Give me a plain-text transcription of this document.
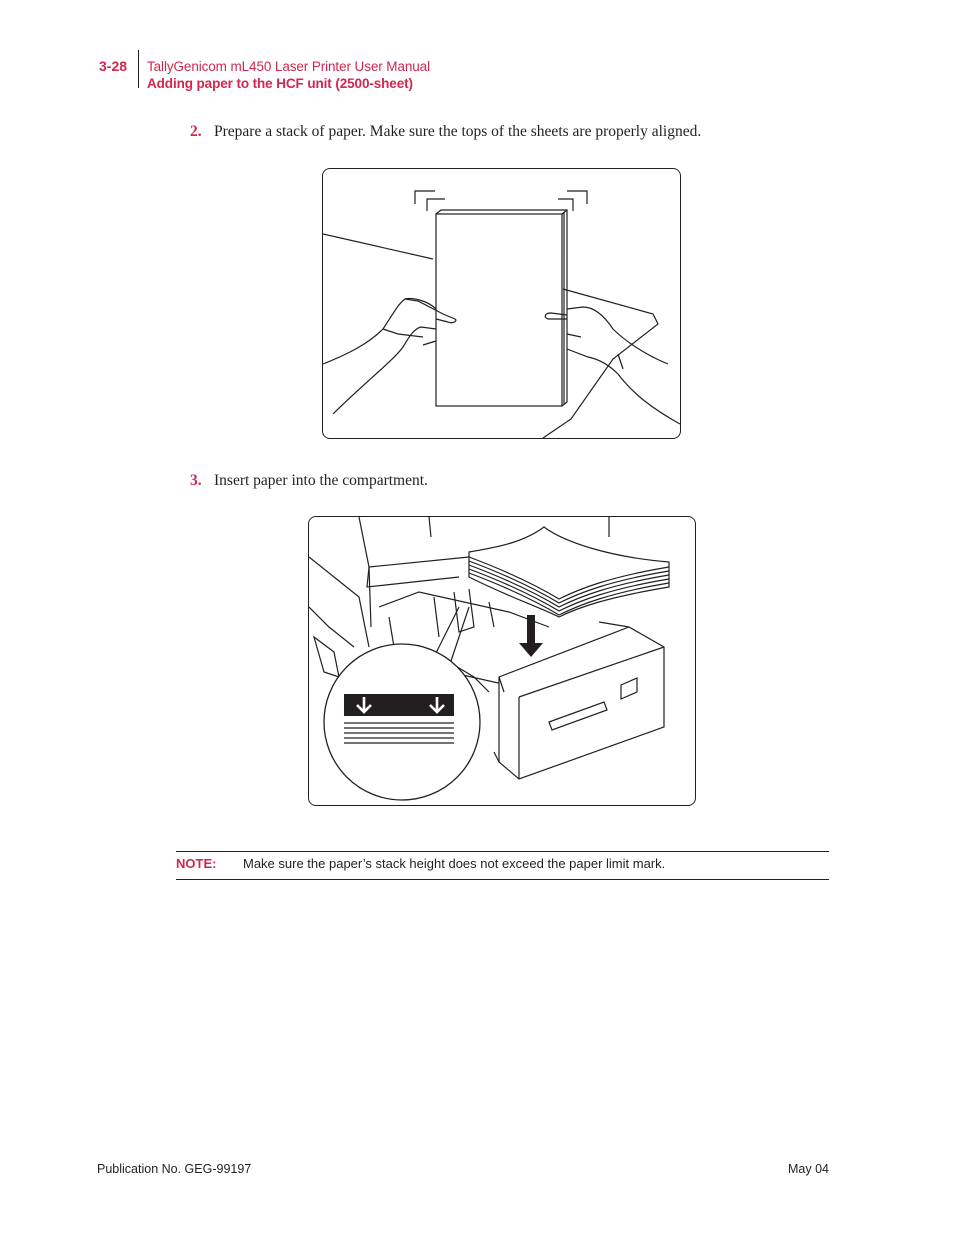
3-28 TallyGenicom mL450 Laser Printer User Manual
Adding paper to the HCF unit (2500-sheet)
2. Prepare a stack of paper. Make sure the tops of the sheets are properly aligned.
3. Insert paper into the compartment.
NOTE: Make sure the paper’s stack height does not exceed the paper limit mark.
Publication No. GEG-99197	May 04
